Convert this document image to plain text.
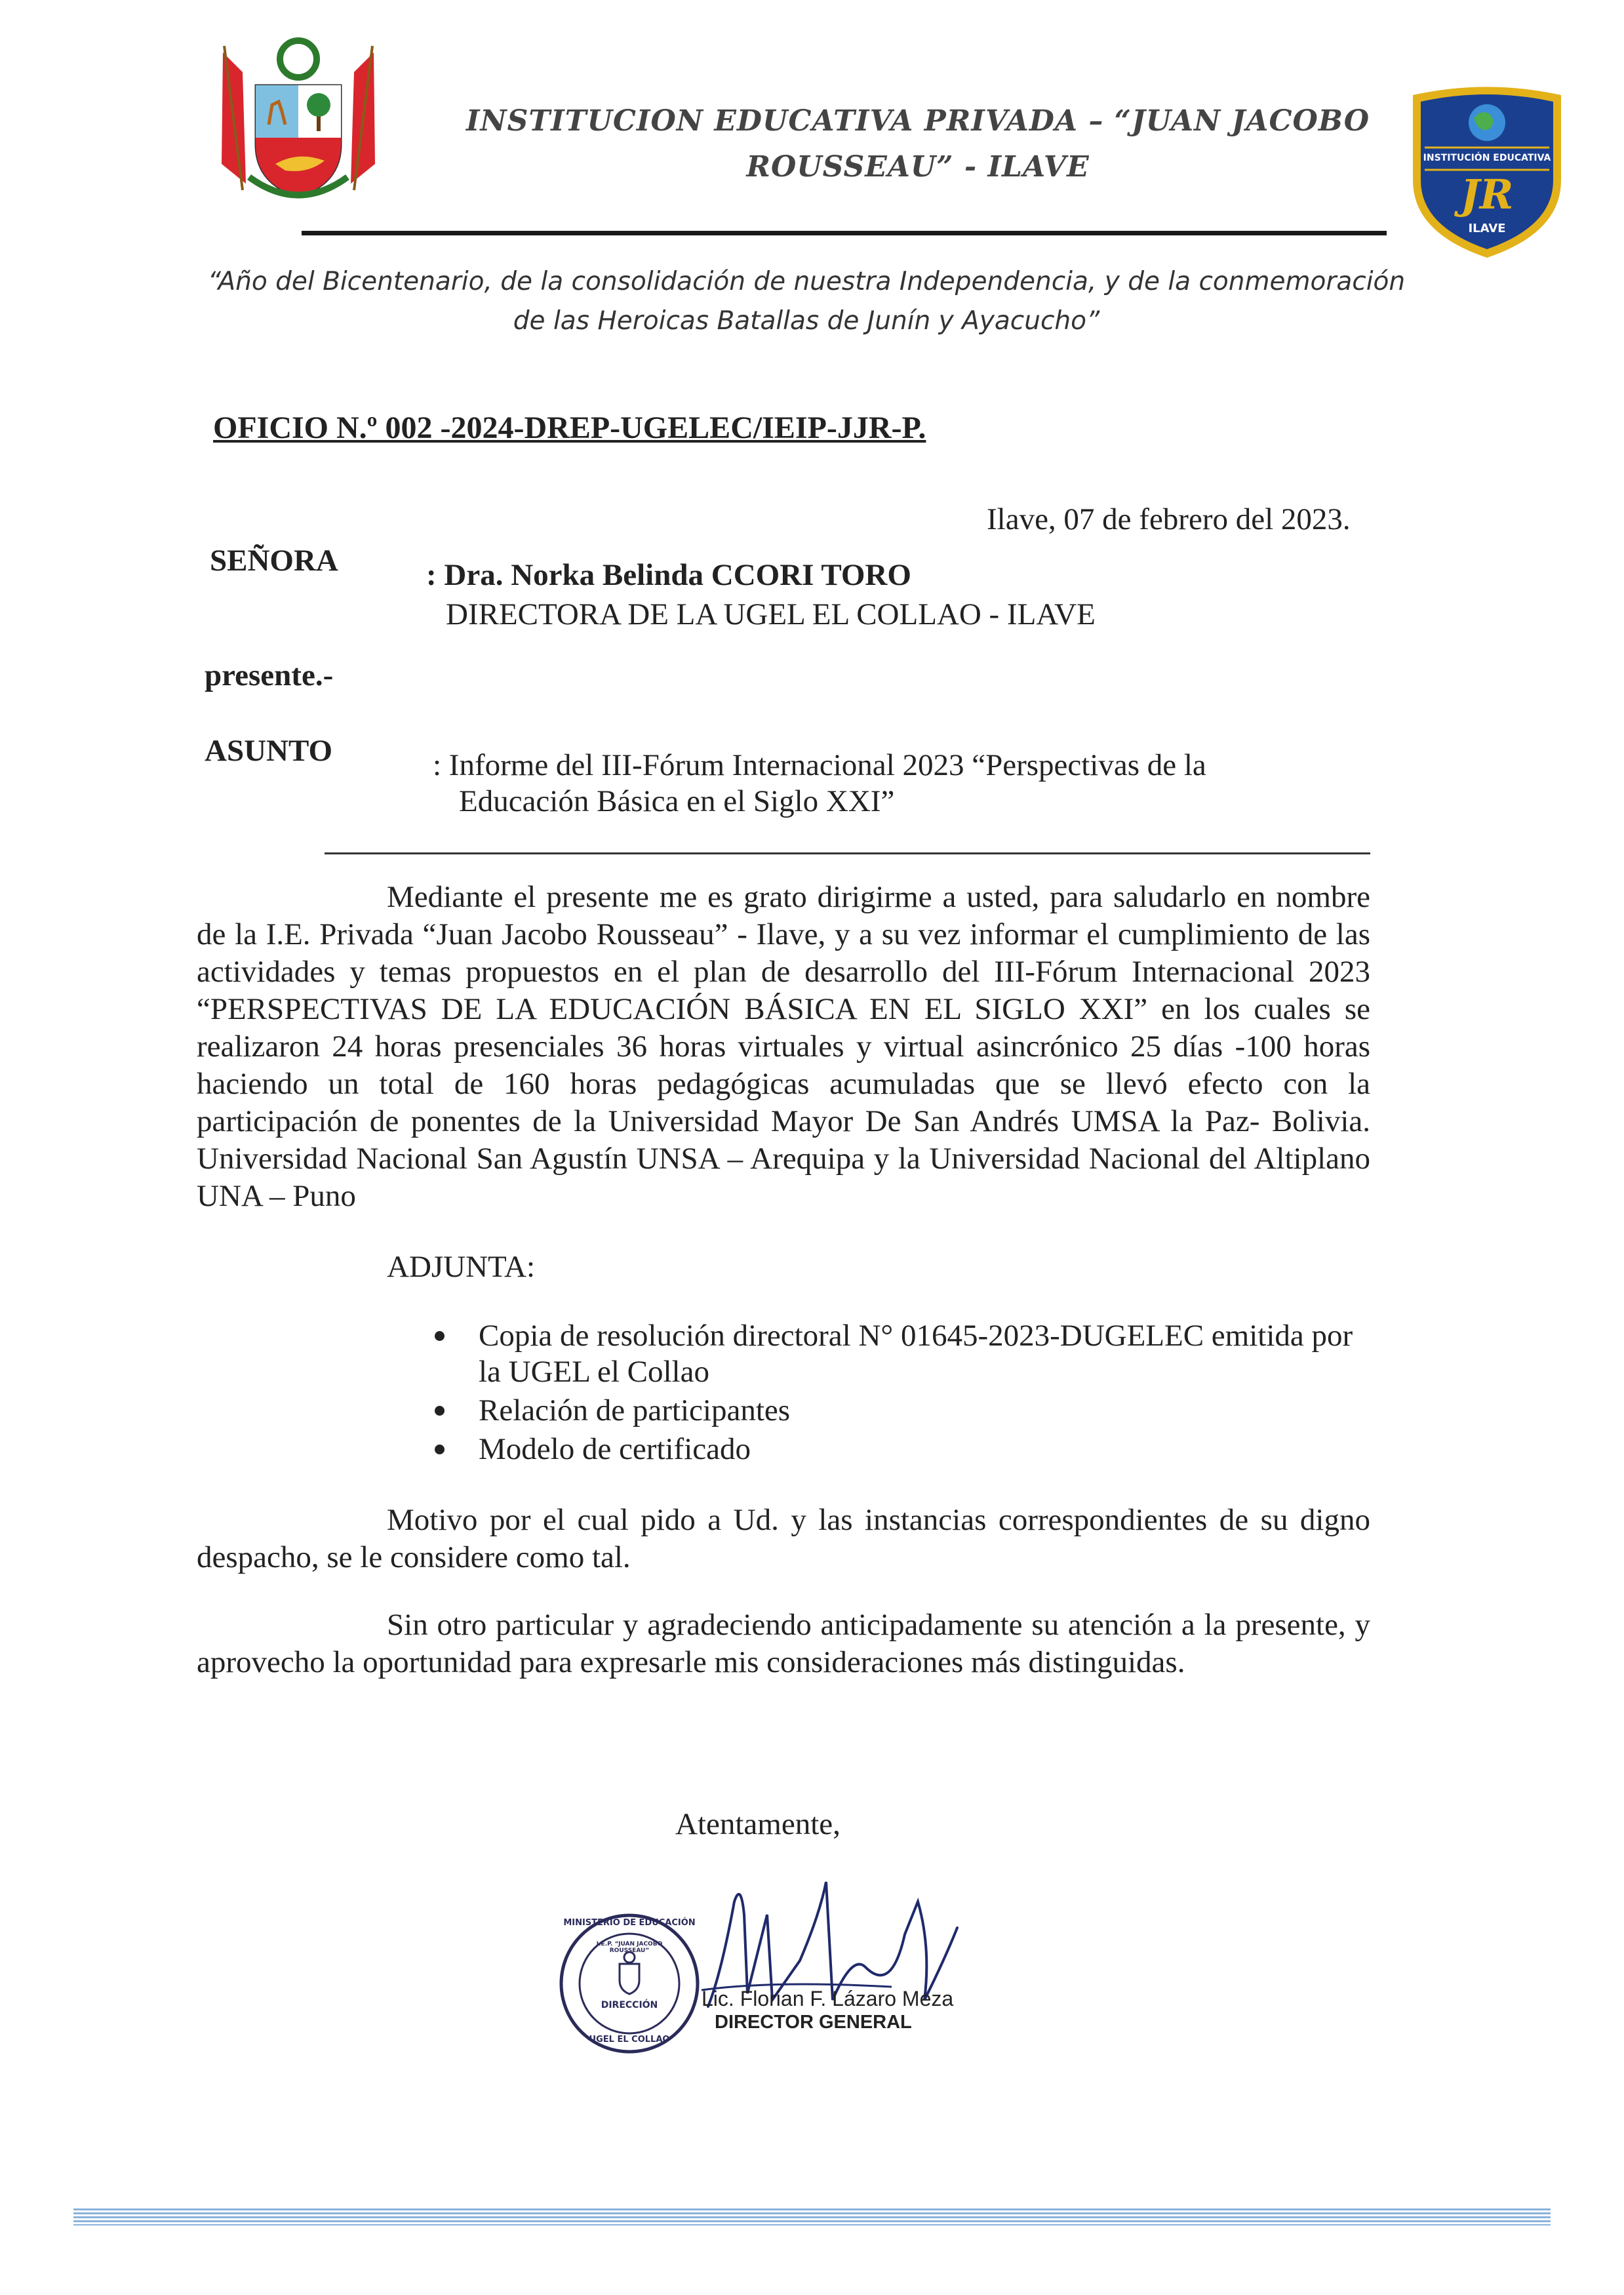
INSTITUCION EDUCATIVA PRIVADA – “JUAN JACOBO
ROUSSEAU” - ILAVE	INSTITUCIÓN EDUCATIVA
JR
ILAVE
“Año del Bicentenario, de la consolidación de nuestra Independencia, y de la conmemoración
de las Heroicas Batallas de Junín y Ayacucho”
OFICIO N.º 002 -2024-DREP-UGELEC/IEIP-JJR-P.
Ilave, 07 de febrero del 2023.
SEÑORA	: Dra. Norka Belinda CCORI TORO
DIRECTORA DE LA UGEL EL COLLAO - ILAVE
presente.-
ASUNTO	: Informe del III-Fórum Internacional 2023 “Perspectivas de la
Educación Básica en el Siglo XXI”
Mediante el presente me es grato dirigirme a usted, para saludarlo en nombre de la I.E. Privada “Juan Jacobo Rousseau” - Ilave, y a su vez informar el cumplimiento de las actividades y temas propuestos en el plan de desarrollo del III-Fórum Internacional 2023 “PERSPECTIVAS DE LA EDUCACIÓN BÁSICA EN EL SIGLO XXI” en los cuales se realizaron 24 horas presenciales 36 horas virtuales y virtual asincrónico 25 días -100 horas haciendo un total de 160 horas pedagógicas acumuladas que se llevó efecto con la participación de ponentes de la Universidad Mayor De San Andrés UMSA la Paz- Bolivia. Universidad Nacional San Agustín UNSA – Arequipa y la Universidad Nacional del Altiplano UNA – Puno
ADJUNTA:
Copia de resolución directoral N° 01645-2023-DUGELEC emitida por la UGEL el Collao
Relación de participantes
Modelo de certificado
Motivo por el cual pido a Ud. y las instancias correspondientes de su digno despacho, se le considere como tal.
Sin otro particular y agradeciendo anticipadamente su atención a la presente, y aprovecho la oportunidad para expresarle mis consideraciones más distinguidas.
Atentamente,
MINISTERIO DE EDUCACIÓN
I.E.P. “JUAN JACOBO ROUSSEAU”
DIRECCIÓN
UGEL EL COLLAO
Lic. Florian F. Lázaro Meza
DIRECTOR GENERAL
